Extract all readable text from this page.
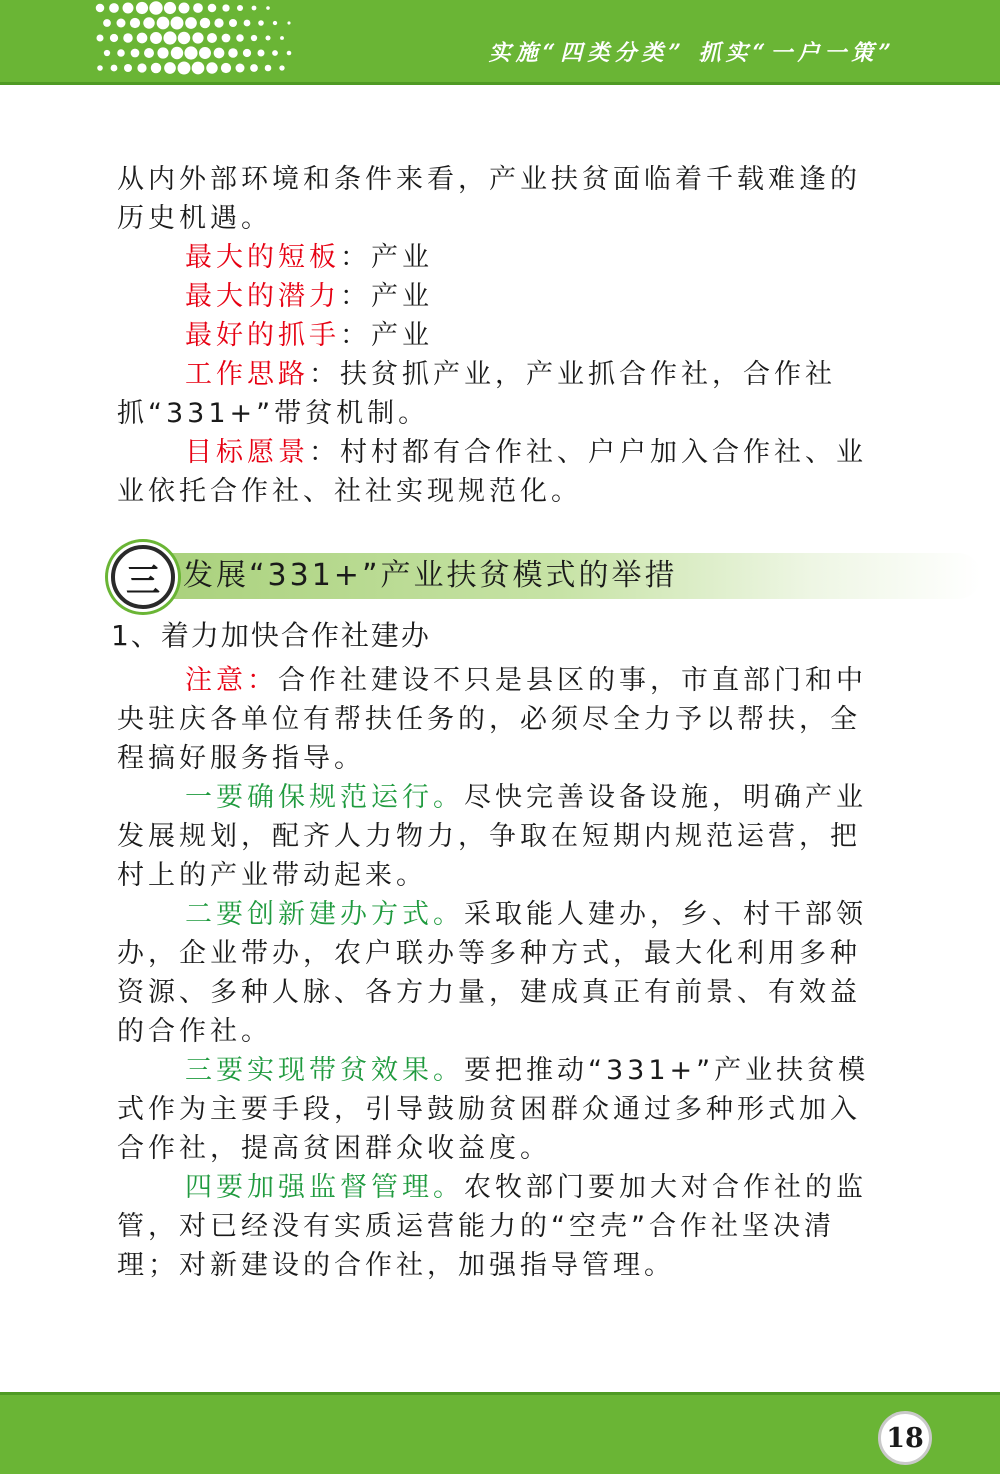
实施“四类分类” 抓实“一户一策”

从内外部环境和条件来看，产业扶贫面临着千载难逢的历史机遇。

最大的短板：产业

最大的潜力：产业

最好的抓手：产业

工作思路：扶贫抓产业，产业抓合作社，合作社抓“331+”带贫机制。

目标愿景：村村都有合作社、户户加入合作社、业业依托合作社、社社实现规范化。

三 发展“331+”产业扶贫模式的举措

1、着力加快合作社建办

注意：合作社建设不只是县区的事，市直部门和中央驻庆各单位有帮扶任务的，必须尽全力予以帮扶，全程搞好服务指导。

一要确保规范运行。尽快完善设备设施，明确产业发展规划，配齐人力物力，争取在短期内规范运营，把村上的产业带动起来。

二要创新建办方式。采取能人建办，乡、村干部领办，企业带办，农户联办等多种方式，最大化利用多种资源、多种人脉、各方力量，建成真正有前景、有效益的合作社。

三要实现带贫效果。要把推动“331+”产业扶贫模式作为主要手段，引导鼓励贫困群众通过多种形式加入合作社，提高贫困群众收益度。

四要加强监督管理。农牧部门要加大对合作社的监管，对已经没有实质运营能力的“空壳”合作社坚决清理；对新建设的合作社，加强指导管理。

18
